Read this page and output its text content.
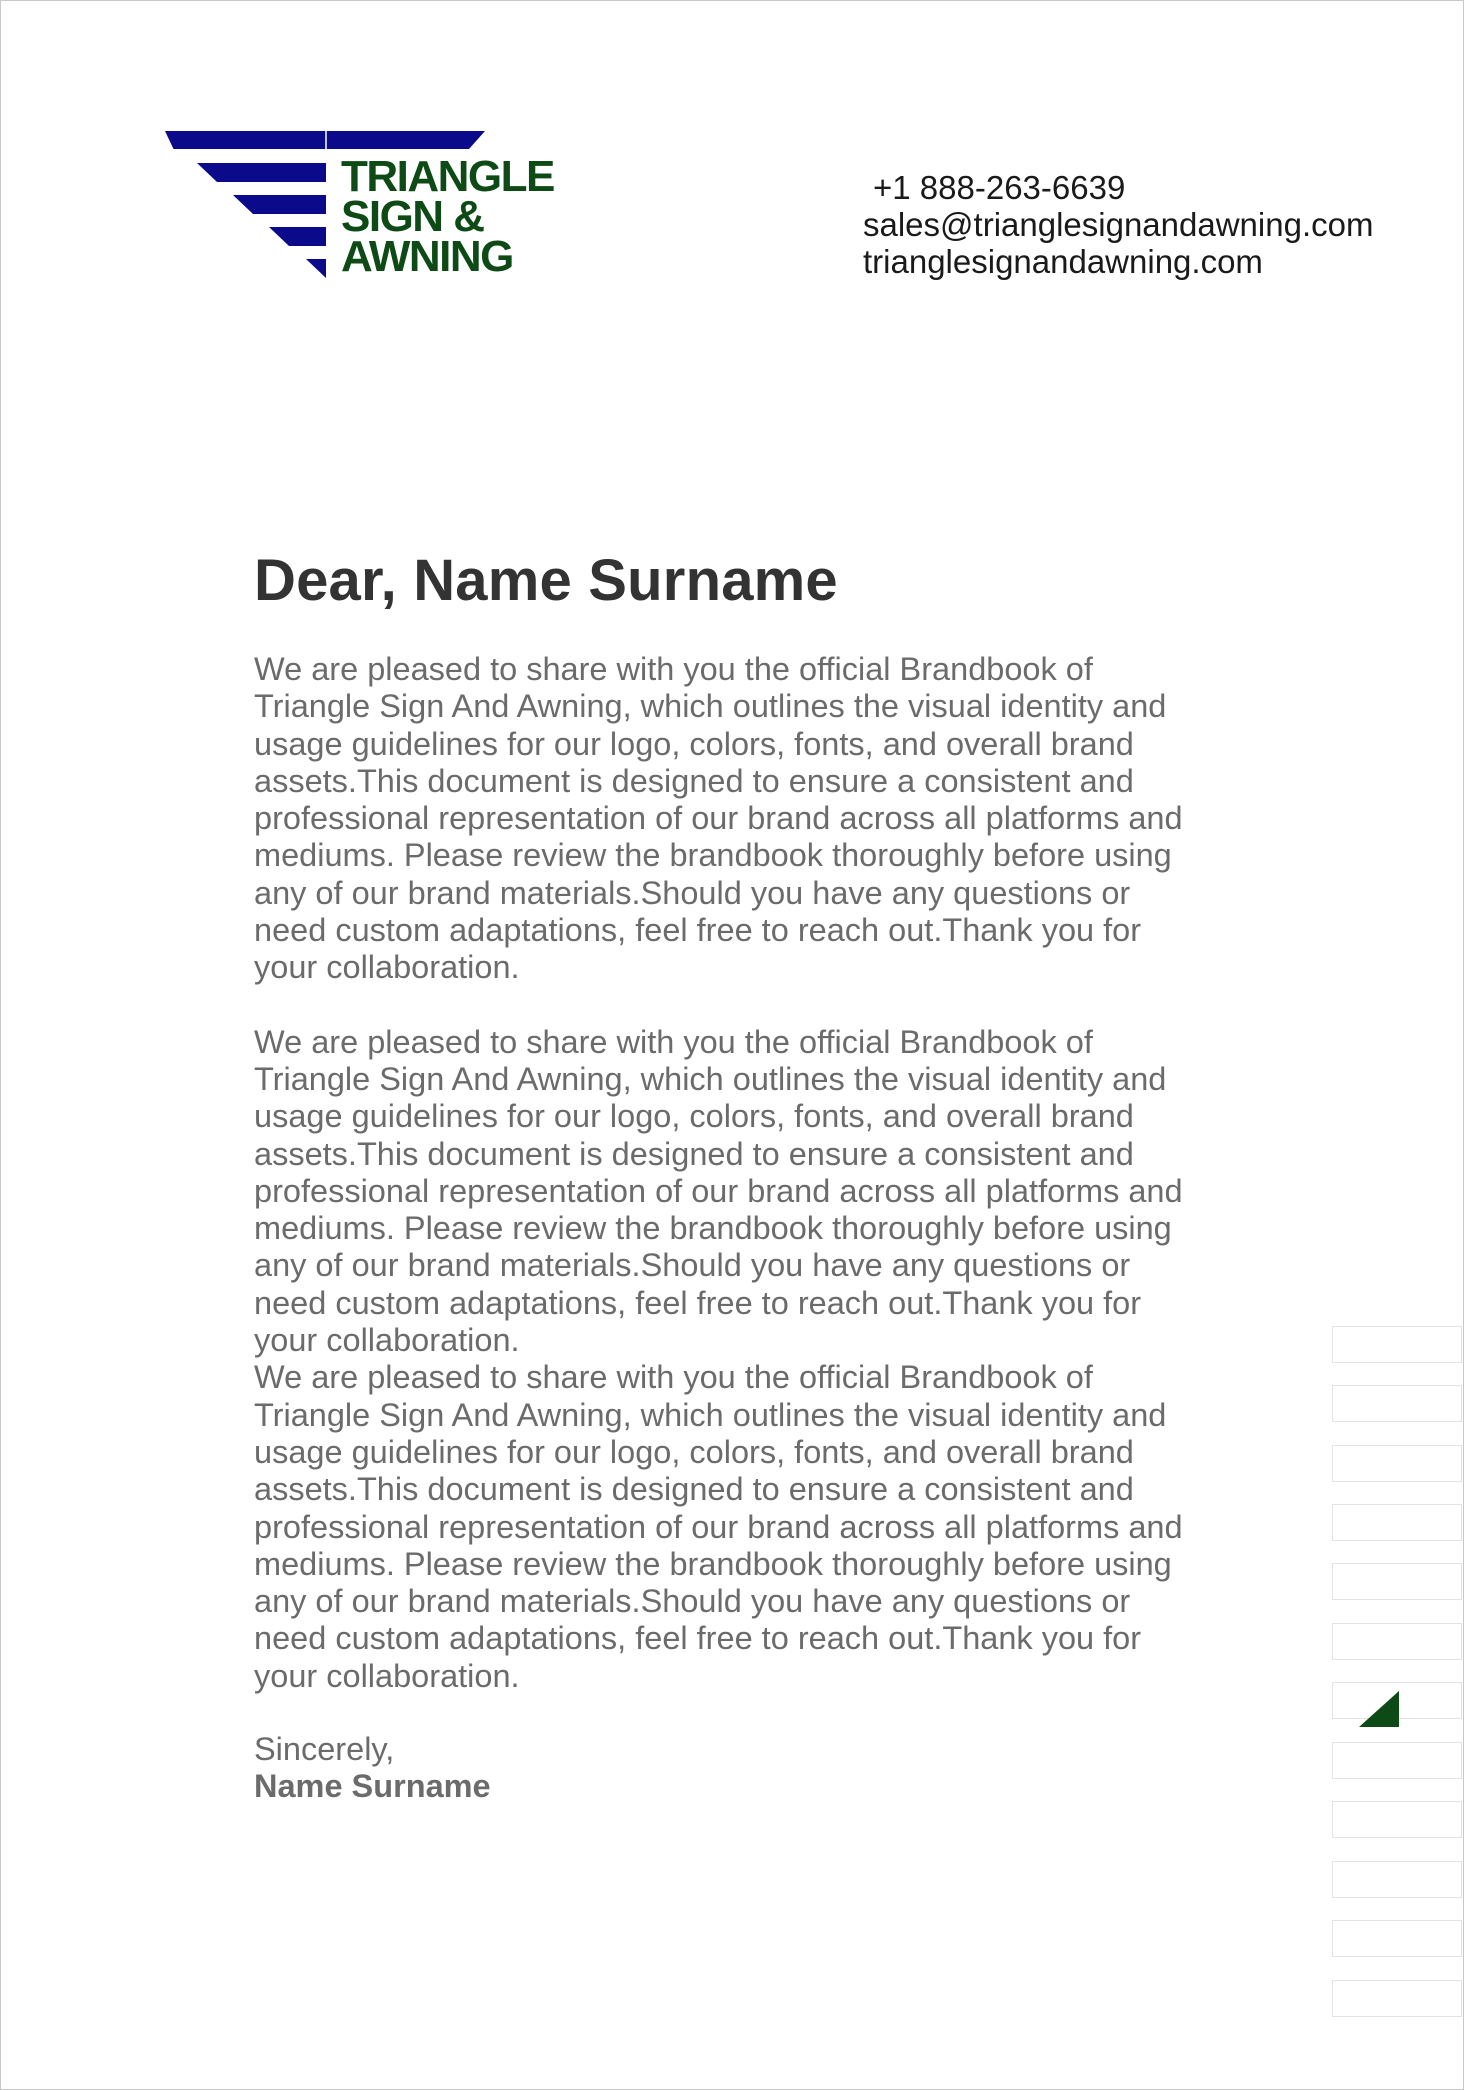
TRIANGLE
SIGN &
AWNING
+1 888-263-6639
sales@trianglesignandawning.com
trianglesignandawning.com
Dear, Name Surname

We are pleased to share with you the official Brandbook of Triangle Sign And Awning, which outlines the visual identity and usage guidelines for our logo, colors, fonts, and overall brand assets.This document is designed to ensure a consistent and professional representation of our brand across all platforms and mediums. Please review the brandbook thoroughly before using any of our brand materials.Should you have any questions or need custom adaptations, feel free to reach out.Thank you for your collaboration.

We are pleased to share with you the official Brandbook of Triangle Sign And Awning, which outlines the visual identity and usage guidelines for our logo, colors, fonts, and overall brand assets.This document is designed to ensure a consistent and professional representation of our brand across all platforms and mediums. Please review the brandbook thoroughly before using any of our brand materials.Should you have any questions or need custom adaptations, feel free to reach out.Thank you for your collaboration.

We are pleased to share with you the official Brandbook of Triangle Sign And Awning, which outlines the visual identity and usage guidelines for our logo, colors, fonts, and overall brand assets.This document is designed to ensure a consistent and professional representation of our brand across all platforms and mediums. Please review the brandbook thoroughly before using any of our brand materials.Should you have any questions or need custom adaptations, feel free to reach out.Thank you for your collaboration.

Sincerely,
Name Surname
